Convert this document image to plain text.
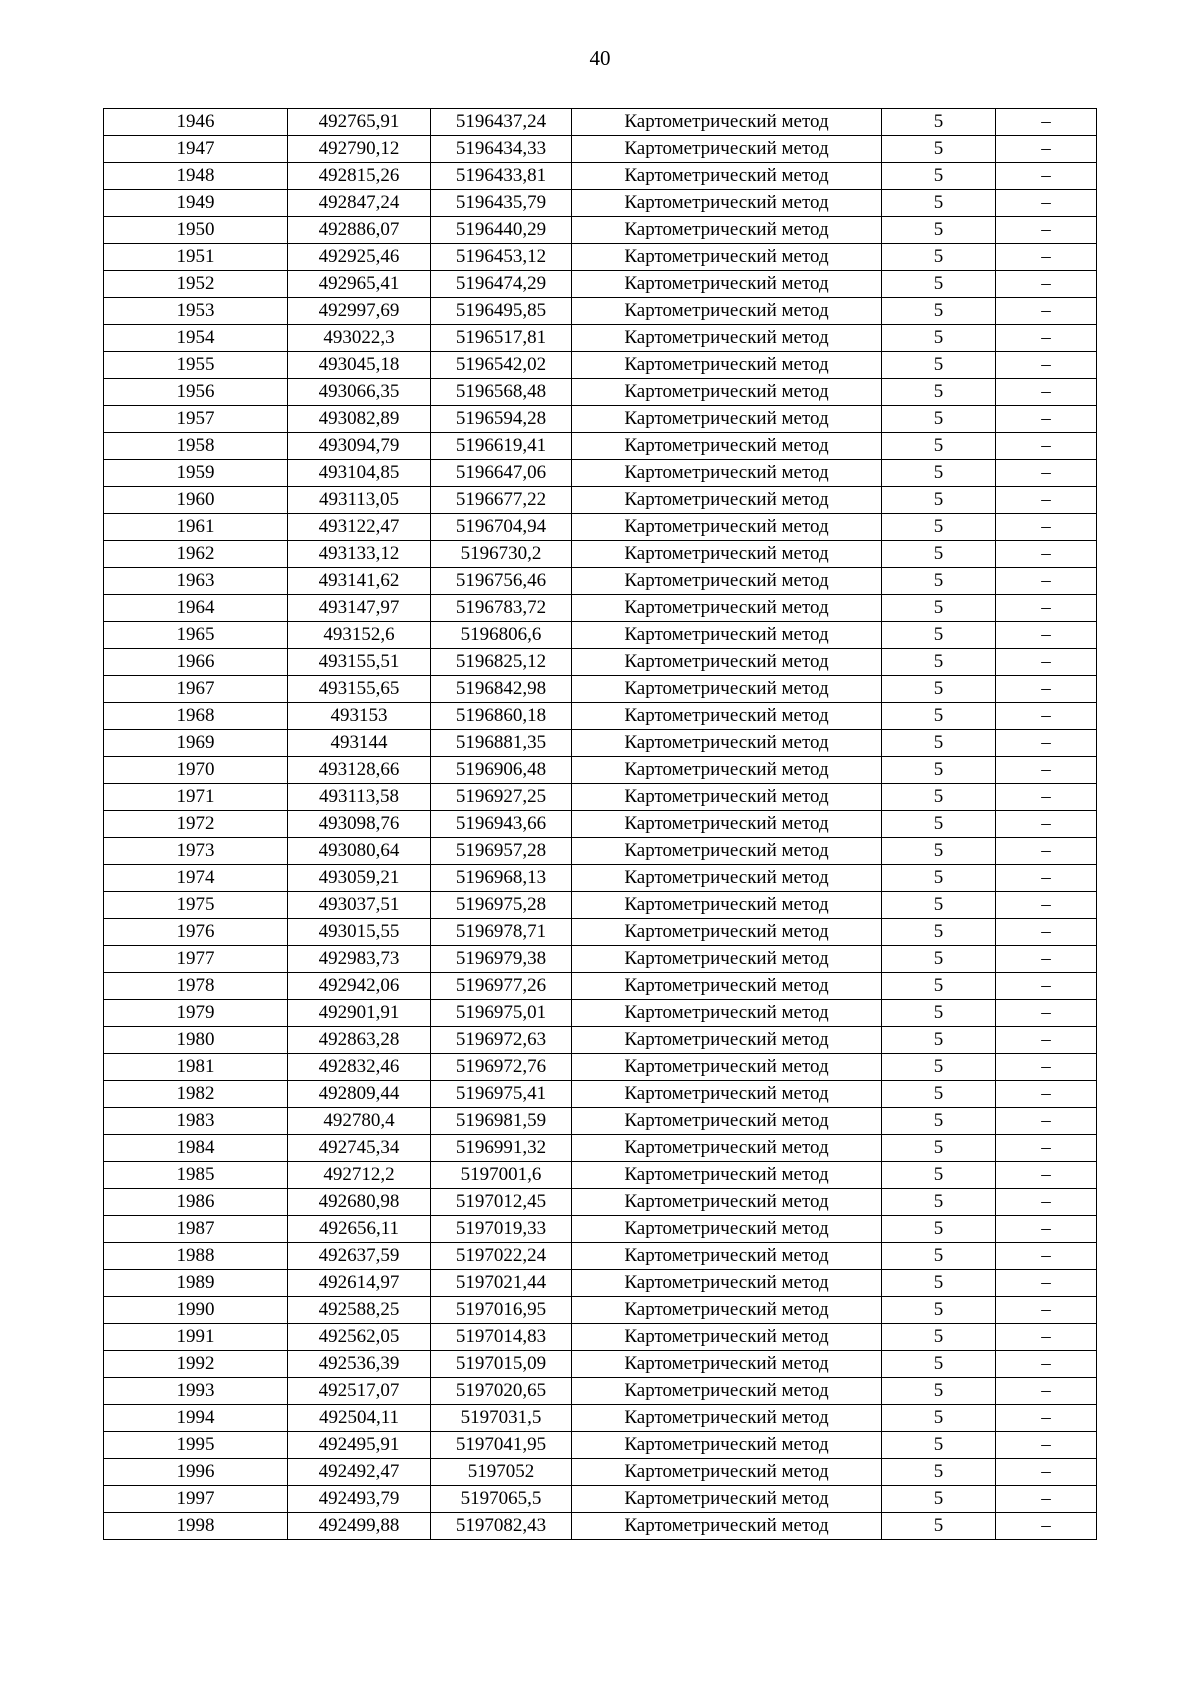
40
1946	492765,91	5196437,24	Картометрический метод	5	–
1947	492790,12	5196434,33	Картометрический метод	5	–
1948	492815,26	5196433,81	Картометрический метод	5	–
1949	492847,24	5196435,79	Картометрический метод	5	–
1950	492886,07	5196440,29	Картометрический метод	5	–
1951	492925,46	5196453,12	Картометрический метод	5	–
1952	492965,41	5196474,29	Картометрический метод	5	–
1953	492997,69	5196495,85	Картометрический метод	5	–
1954	493022,3	5196517,81	Картометрический метод	5	–
1955	493045,18	5196542,02	Картометрический метод	5	–
1956	493066,35	5196568,48	Картометрический метод	5	–
1957	493082,89	5196594,28	Картометрический метод	5	–
1958	493094,79	5196619,41	Картометрический метод	5	–
1959	493104,85	5196647,06	Картометрический метод	5	–
1960	493113,05	5196677,22	Картометрический метод	5	–
1961	493122,47	5196704,94	Картометрический метод	5	–
1962	493133,12	5196730,2	Картометрический метод	5	–
1963	493141,62	5196756,46	Картометрический метод	5	–
1964	493147,97	5196783,72	Картометрический метод	5	–
1965	493152,6	5196806,6	Картометрический метод	5	–
1966	493155,51	5196825,12	Картометрический метод	5	–
1967	493155,65	5196842,98	Картометрический метод	5	–
1968	493153	5196860,18	Картометрический метод	5	–
1969	493144	5196881,35	Картометрический метод	5	–
1970	493128,66	5196906,48	Картометрический метод	5	–
1971	493113,58	5196927,25	Картометрический метод	5	–
1972	493098,76	5196943,66	Картометрический метод	5	–
1973	493080,64	5196957,28	Картометрический метод	5	–
1974	493059,21	5196968,13	Картометрический метод	5	–
1975	493037,51	5196975,28	Картометрический метод	5	–
1976	493015,55	5196978,71	Картометрический метод	5	–
1977	492983,73	5196979,38	Картометрический метод	5	–
1978	492942,06	5196977,26	Картометрический метод	5	–
1979	492901,91	5196975,01	Картометрический метод	5	–
1980	492863,28	5196972,63	Картометрический метод	5	–
1981	492832,46	5196972,76	Картометрический метод	5	–
1982	492809,44	5196975,41	Картометрический метод	5	–
1983	492780,4	5196981,59	Картометрический метод	5	–
1984	492745,34	5196991,32	Картометрический метод	5	–
1985	492712,2	5197001,6	Картометрический метод	5	–
1986	492680,98	5197012,45	Картометрический метод	5	–
1987	492656,11	5197019,33	Картометрический метод	5	–
1988	492637,59	5197022,24	Картометрический метод	5	–
1989	492614,97	5197021,44	Картометрический метод	5	–
1990	492588,25	5197016,95	Картометрический метод	5	–
1991	492562,05	5197014,83	Картометрический метод	5	–
1992	492536,39	5197015,09	Картометрический метод	5	–
1993	492517,07	5197020,65	Картометрический метод	5	–
1994	492504,11	5197031,5	Картометрический метод	5	–
1995	492495,91	5197041,95	Картометрический метод	5	–
1996	492492,47	5197052	Картометрический метод	5	–
1997	492493,79	5197065,5	Картометрический метод	5	–
1998	492499,88	5197082,43	Картометрический метод	5	–
